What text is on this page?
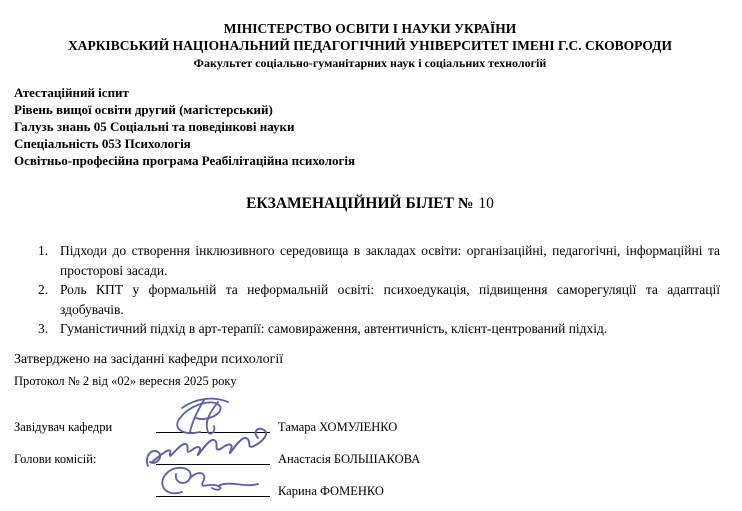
МІНІСТЕРСТВО ОСВІТИ І НАУКИ УКРАЇНИ
ХАРКІВСЬКИЙ НАЦІОНАЛЬНИЙ ПЕДАГОГІЧНИЙ УНІВЕРСИТЕТ ІМЕНІ Г.С. СКОВОРОДИ
Факультет соціально-гуманітарних наук і соціальних технологій
Атестаційний іспит
Рівень вищої освіти другий (магістерський)
Галузь знань 05 Соціальні та поведінкові науки
Спеціальність 053 Психологія
Освітньо-професійна програма Реабілітаційна психологія
ЕКЗАМЕНАЦІЙНИЙ БІЛЕТ № 10
1. Підходи до створення інклюзивного середовища в закладах освіти: організаційні, педагогічні, інформаційні та просторові засади.
2. Роль КПТ у формальній та неформальній освіті: психоедукація, підвищення саморегуляції та адаптації здобувачів.
3. Гуманістичний підхід в арт-терапії: самовираження, автентичність, клієнт-центрований підхід.
Затверджено на засіданні кафедри психології
Протокол № 2 від «02» вересня 2025 року
Завідувач кафедри	Тамара ХОМУЛЕНКО
Голови комісій:	Анастасія БОЛЬШАКОВА
Карина ФОМЕНКО
